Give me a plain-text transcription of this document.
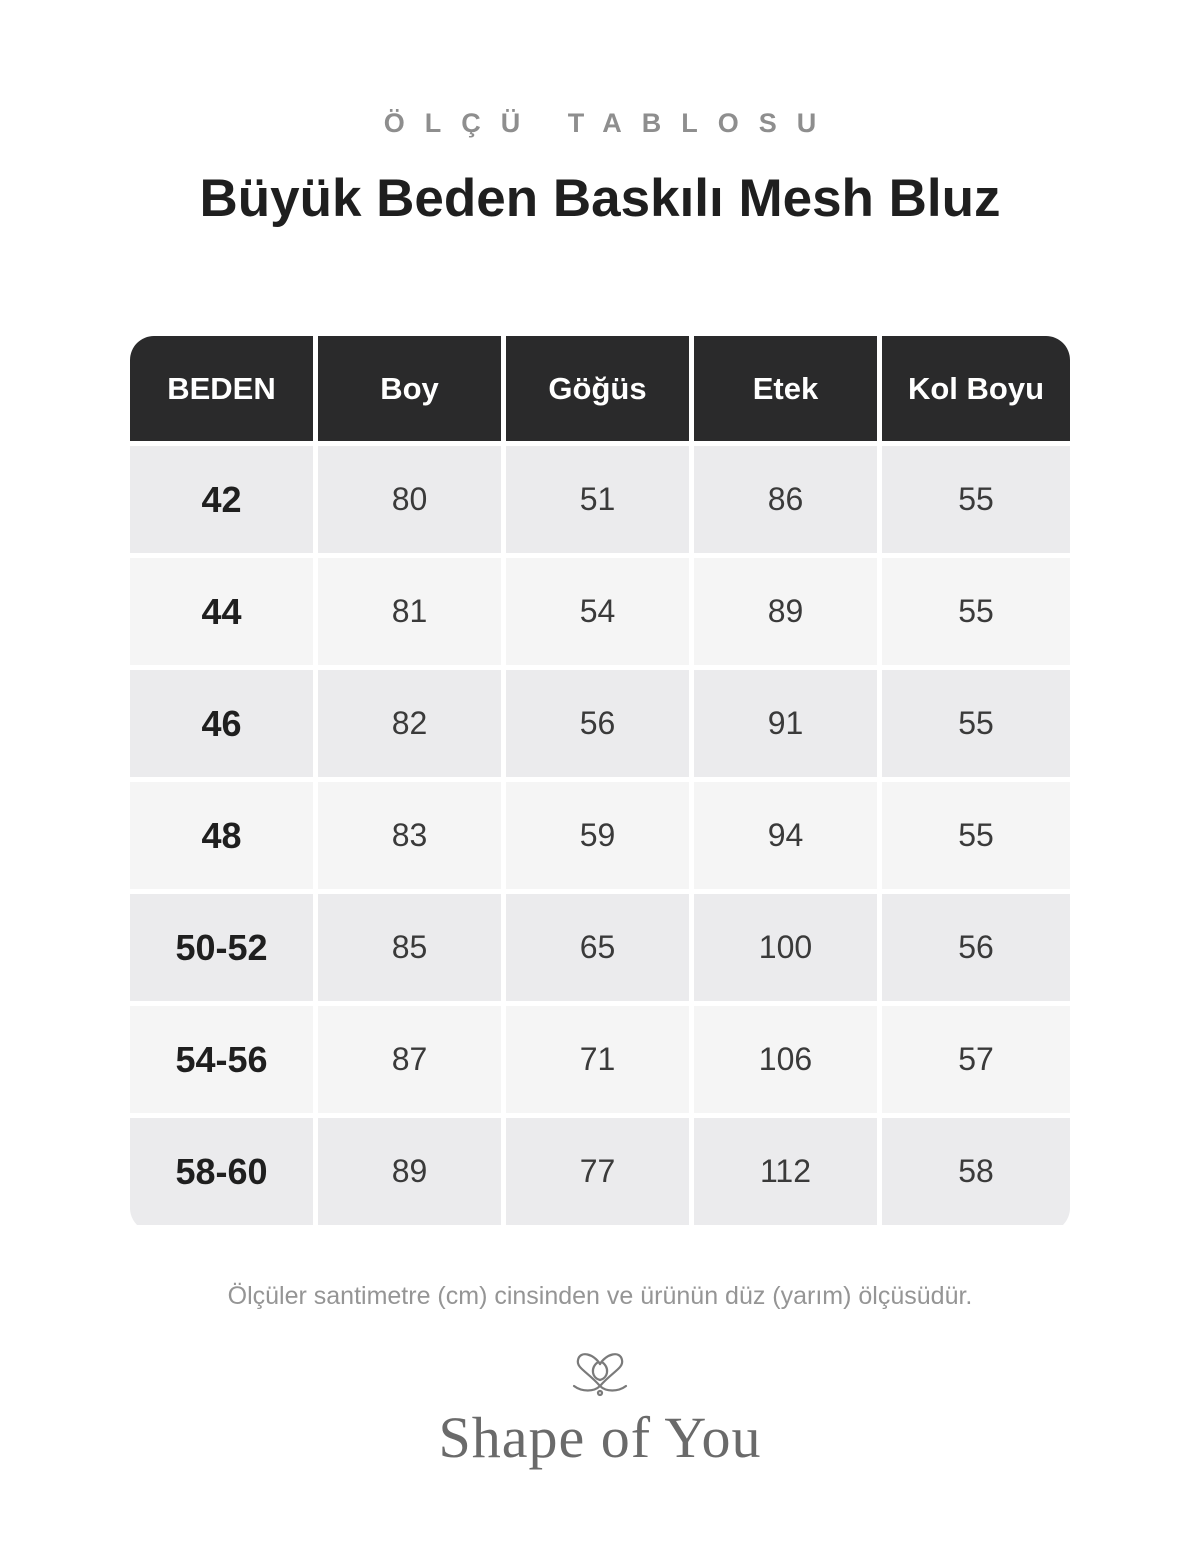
ÖLÇÜ TABLOSU
Büyük Beden Baskılı Mesh Bluz
BEDEN	Boy	Göğüs	Etek	Kol Boyu
42	80	51	86	55
44	81	54	89	55
46	82	56	91	55
48	83	59	94	55
50-52	85	65	100	56
54-56	87	71	106	57
58-60	89	77	112	58
Ölçüler santimetre (cm) cinsinden ve ürünün düz (yarım) ölçüsüdür.
Shape of You
